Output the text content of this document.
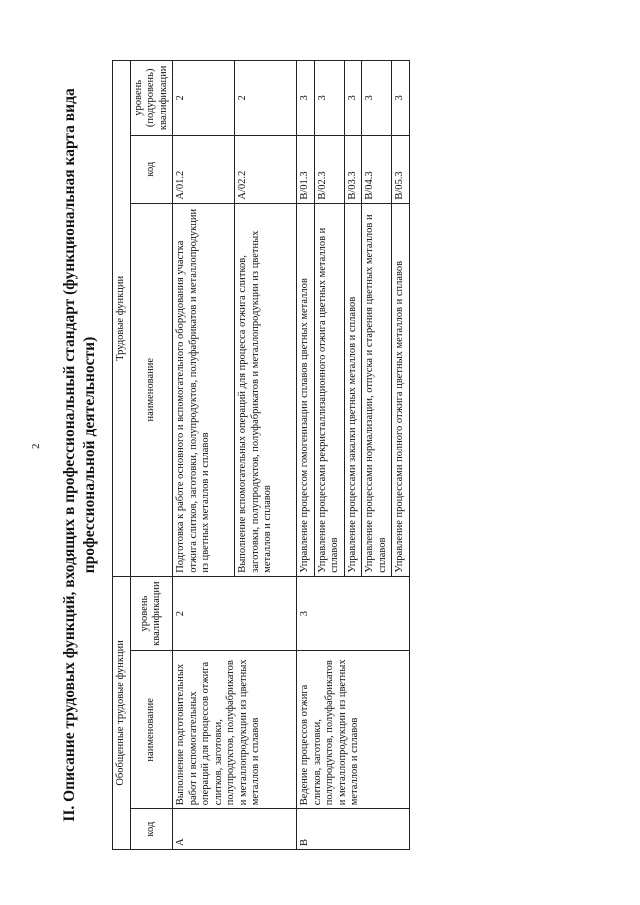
2 II. Описание трудовых функций, входящих в профессиональный стандарт (функциональная карта вида профессиональной деятельности)
Обобщенные трудовые функции			Трудовые функции		
код	наименование	уровень квалификации	наименование	код	уровень (подуровень) квалификации
А	Выполнение подготовительных работ и вспомогательных операций для процессов отжига слитков, заготовки, полупродуктов, полуфабрикатов и металлопродукции из цветных металлов и сплавов	2	Подготовка к работе основного и вспомогательного оборудования участка отжига слитков, заготовки, полупродуктов, полуфабрикатов и металлопродукции из цветных металлов и сплавов	А/01.2	2
			Выполнение вспомогательных операций для процесса отжига слитков, заготовки, полупродуктов, полуфабрикатов и металлопродукции из цветных металлов и сплавов	А/02.2	2
В	Ведение процессов отжига слитков, заготовки, полупродуктов, полуфабрикатов и металлопродукции из цветных металлов и сплавов	3	Управление процессом гомогенизации сплавов цветных металлов	В/01.3	3
			Управление процессами рекристаллизационного отжига цветных металлов и сплавов	В/02.3	3
			Управление процессами закалки цветных металлов и сплавов	В/03.3	3
			Управление процессами нормализации, отпуска и старения цветных металлов и сплавов	В/04.3	3
			Управление процессами полного отжига цветных металлов и сплавов	В/05.3	3
